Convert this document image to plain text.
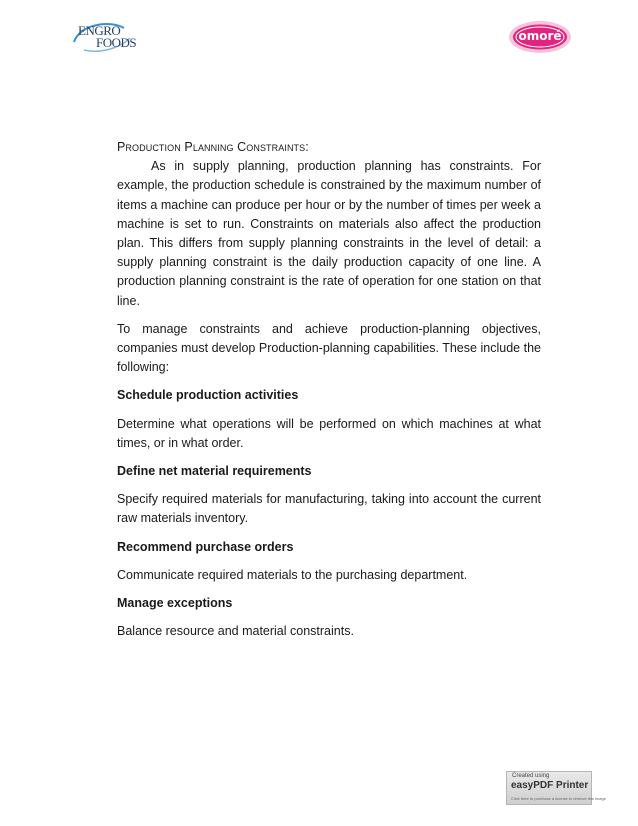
ENGRO
FOODS	omoré

Production Planning Constraints:

As in supply planning, production planning has constraints. For example, the production schedule is constrained by the maximum number of items a machine can produce per hour or by the number of times per week a machine is set to run. Constraints on materials also affect the production plan. This differs from supply planning constraints in the level of detail: a supply planning constraint is the daily production capacity of one line. A production planning constraint is the rate of operation for one station on that line.

To manage constraints and achieve production-planning objectives, companies must develop Production-planning capabilities. These include the following:

Schedule production activities

Determine what operations will be performed on which machines at what times, or in what order.

Define net material requirements

Specify required materials for manufacturing, taking into account the current raw materials inventory.

Recommend purchase orders

Communicate required materials to the purchasing department.

Manage exceptions

Balance resource and material constraints.

Created using
easyPDF Printer
Click here to purchase a license to remove this image
